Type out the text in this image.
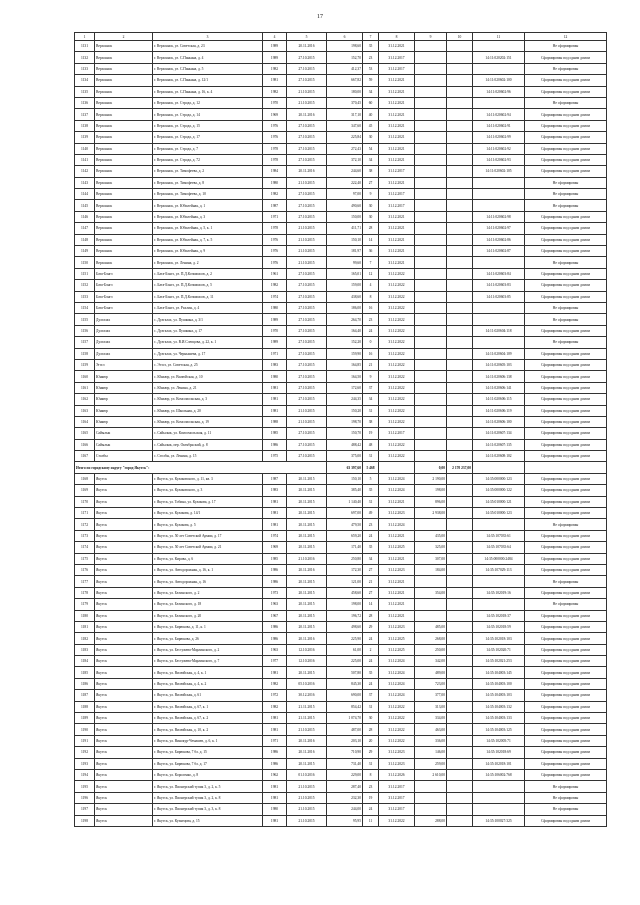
17
1	2	3	4	5	6	7	8	9	10	11	12
1131	Верхоянск	г. Верхоянск, ул. Советская, д. 23	1989	20.11.2016	198,60	35	31.12.2021				Не сформирован
1132	Верхоянск	г. Верхоянск, ул. С.Паньяна, д. 4	1989	27.10.2015	152,70	23	31.12.2017			14:11:020202:151	Сформирован под одним домом
1133	Верхоянск	г. Верхоянск, ул. С.Паньяна, д. 5	1982	27.10.2015	412,37	53	31.12.2017				Не сформирован
1134	Верхоянск	г. Верхоянск, ул. С.Паньяна, д. 12/1	1981	27.10.2015	667,82	59	31.12.2021			14:11:020602:100	Сформирован под одним домом
1135	Верхоянск	г. Верхоянск, ул. С.Паньяна, д. 16, к. 4	1982	21.10.2015	180,00	34	31.12.2021			14:11:020602:96	Сформирован под одним домом
1136	Верхоянск	г. Верхоянск, ул. Строда, д. 12	1970	21.10.2015	370,45	60	31.12.2021				Не сформирован
1137	Верхоянск	г. Верхоянск, ул. Строда, д. 14	1969	20.11.2016	317,10	40	31.12.2021			14:11:020602:94	Сформирован под одним домом
1138	Верхоянск	г. Верхоянск, ул. Строда, д. 15	1976	27.10.2015	347,60	45	31.12.2021			14:11:020602:91	Сформирован под одним домом
1139	Верхоянск	г. Верхоянск, ул. Строда, д. 17	1976	27.10.2015	225,84	30	31.12.2021			14:11:020602:99	Сформирован под одним домом
1140	Верхоянск	г. Верхоянск, ул. Строда, д. 7	1978	27.10.2015	272,43	54	31.12.2021			14:11:020602:92	Сформирован под одним домом
1141	Верхоянск	г. Верхоянск, ул. Строда, д. 72	1978	27.10.2015	372,10	34	31.12.2021			14:11:020602:93	Сформирован под одним домом
1142	Верхоянск	г. Верхоянск, ул. Тимофеева, д. 2	1984	20.11.2016	244,60	38	31.12.2017			14:11:020602:105	Сформирован под одним домом
1143	Верхоянск	г. Верхоянск, ул. Тимофеева, д. 8	1980	21.10.2015	222,40	27	31.12.2021				Не сформирован
1144	Верхоянск	г. Верхоянск, ул. Тимофеева, д. 10	1982	27.10.2015	97,00	9	31.12.2017				Не сформирован
1145	Верхоянск	г. Верхоянск, ул. Юбилейная, д. 1	1987	27.10.2015	490,60	30	31.12.2017				Не сформирован
1146	Верхоянск	г. Верхоянск, ул. Юбилейная, д. 3	1971	27.10.2015	150,00	30	31.12.2021			14:11:020602:98	Сформирован под одним домом
1147	Верхоянск	г. Верхоянск, ул. Юбилейная, д. 5, к. 1	1978	21.10.2015	411,71	28	31.12.2021			14:11:020602:97	Сформирован под одним домом
1148	Верхоянск	г. Верхоянск, ул. Юбилейная, д. 7, к. 5	1976	21.10.2015	150,10	14	31.12.2021			14:11:020602:86	Сформирован под одним домом
1149	Верхоянск	г. Верхоянск, ул. Юбилейная, д. 9	1976	21.10.2015	181,97	36	31.12.2021			14:11:020602:87	Сформирован под одним домом
1150	Верхоянск	г. Верхоянск, ул. Ленина, д. 2	1976	21.10.2015	99,60	7	31.12.2021				Не сформирован
1151	Бата-Бэнгэ	с. Бата-Бэнгэ, ул. П.Д.Кочмамсов, д. 2	1961	27.10.2015	165,01	12	31.12.2022			14:11:020603:84	Сформирован под одним домом
1152	Бата-Бэнгэ	с. Бата-Бэнгэ, ул. П.Д.Кочмамсов, д. 5	1982	27.10.2015	159,00	4	31.12.2022			14:11:020603:83	Сформирован под одним домом
1153	Бата-Бэнгэ	с. Бата-Бэнгэ, ул. П.Д.Кочмамсов, д. 11	1974	27.10.2015	438,60	8	31.12.2022			14:11:020603:85	Сформирован под одним домом
1154	Бата-Бэнгэ	с. Бата-Бэнгэ, ул. Рахлин, д. 4	1980	27.10.2015	186,00	16	31.12.2022				Не сформирован
1155	Дулгалах	с. Дулгалах, ул. Пушкина, д. 3/1	1989	27.10.2015	264,70	23	31.12.2022				Не сформирован
1156	Дулгалах	с. Дулгалах, ул. Пушкина, д. 17	1970	27.10.2015	164,40	24	31.12.2022			14:11:020604:118	Сформирован под одним домом
1157	Дулгалах	с. Дулгалах, ул. В.И.Слепцова, д. 22, к. 1	1989	27.10.2015	152,20	0	31.12.2022				Не сформирован
1158	Дулгалах	с. Дулгалах, ул. Чернышева, д. 17	1971	27.10.2015	159,90	16	31.12.2022			14:11:020604:109	Сформирован под одним домом
1159	Эгэсэ	с. Эгэсэ, ул. Советская, д. 25	1983	27.10.2015	164,85	21	31.12.2022			14:11:020605:103	Сформирован под одним домом
1160	Юнкюр	с. Юнкюр, ул. Вилюйская, д. 10	1980	27.10.2015	164,50	9	31.12.2022			14:11:020606:138	Сформирован под одним домом
1161	Юнкюр	с. Юнкюр, ул. Ленина, д. 21	1981	27.10.2015	172,60	37	31.12.2022			14:11:020606:141	Сформирован под одним домом
1162	Юнкюр	с. Юнкюр, ул. Комсомольская, д. 3	1981	27.10.2015	244,35	34	31.12.2022			14:11:020606:115	Сформирован под одним домом
1163	Юнкюр	с. Юнкюр, ул. Школьная, д. 20	1981	21.10.2015	150,20	31	31.12.2022			14:11:020606:119	Сформирован под одним домом
1164	Юнкюр	с. Юнкюр, ул. Комсомольская, д. 19	1988	21.10.2015	198,70	38	31.12.2022			14:11:020606:100	Сформирован под одним домом
1165	Сайылык	с. Сайылык, ул. Комсомольская, д. 11	1985	27.10.2015	150,70	19	31.12.2017			14:11:020607:134	Сформирован под одним домом
1166	Сайылык	с. Сайылык, пер. Октябрьский, д. 8	1986	27.10.2015	488,42	48	31.12.2022			14:11:020607:135	Сформирован под одним домом
1167	Столбы	с. Столбы, ул. Ленина, д. 15	1975	27.10.2015	375,00	31	31.12.2022			14:11:020608:102	Сформирован под одним домом
Итого по городскому округу "город Якутск":					63 397,60	5 468		0,00	2 170 237,00		
1168	Якутск	г. Якутск, ул. Кулаковского, д. 11, кв. 3	1987	20.11.2015	150,10	5	31.12.2024	2 190,00		14:35:000000:123	Сформирован под одним домом
1169	Якутск	г. Якутск, ул. Кулаковского, д. 3	1983	20.11.2015	385,40	35	31.12.2024	198,00		14:35:000000:122	Сформирован под одним домом
1170	Якутск	г. Якутск, ул. Тобина, ул. Кулакова, д. 17	1981	20.11.2015	1 140,40	31	31.12.2021	896,00		14:35:010000:121	Сформирован под одним домом
1171	Якутск	г. Якутск, ул. Кулакова, д. 14/1	1981	20.11.2015	697,00	49	31.12.2023	2 938,00		14:35:010000:123	Сформирован под одним домом
1172	Якутск	г. Якутск, ул. Кулакова, д. 5	1981	20.11.2015	479,50	23	31.12.2024				Не сформирован
1173	Якутск	г. Якутск, ул. 50 лет Советской Армии, д. 17	1974	20.11.2015	659,20	24	31.12.2021	435,00		14:35:107035:61	Сформирован под одним домом
1174	Якутск	г. Якутск, ул. 50 лет Советской Армии, д. 21	1969	20.11.2015	171,40	35	31.12.2025	325,00		14:35:107035:64	Сформирован под одним домом
1175	Якутск	г. Якутск, ул. Кирова, д. 6	1985	21.10.2016	250,80	34	31.12.2021	307,00		14:35:000000:2484	Сформирован под одним домом
1176	Якутск	г. Якутск, ул. Автодорожная, д. 16, к. 1	1986	20.11.2016	172,30	27	31.12.2023	184,00		14:35:107029:113	Сформирован под одним домом
1177	Якутск	г. Якутск, ул. Автодорожная, д. 16	1986	20.11.2015	121,00	21	31.12.2021				Не сформирован
1178	Якутск	г. Якутск, ул. Белинского, д. 2	1973	20.11.2015	458,60	27	31.12.2021	354,00		14:35:102019:16	Сформирован под одним домом
1179	Якутск	г. Якутск, ул. Белинского, д. 18	1963	20.11.2015	198,00	14	31.12.2021				Не сформирован
1180	Якутск	г. Якутск, ул. Белинского, д. 20	1967	20.11.2015	196,72	28	31.12.2021			14:35:102018:37	Сформирован под одним домом
1181	Якутск	г. Якутск, ул. Бирюкова, д. 11, к. 1	1986	20.11.2015	498,60	29	31.12.2023	485,00		14:35:102018:59	Сформирован под одним домом
1182	Якутск	г. Якутск, ул. Бирюкова, д. 26	1986	20.11.2016	225,90	24	31.12.2025	268,00		14:35:102018:103	Сформирован под одним домом
1183	Якутск	г. Якутск, ул. Бестужева-Марлинского, д. 2	1963	12.10.2016	61,00	2	31.12.2025	250,00		14:35:102020:71	Сформирован под одним домом
1184	Якутск	г. Якутск, ул. Бестужева-Марлинского, д. 7	1977	12.10.2016	225,00	24	31.12.2024	342,00		14:35:102021:253	Сформирован под одним домом
1185	Якутск	г. Якутск, ул. Вилюйская, д. 4, к. 1	1981	20.11.2015	507,80	35	31.12.2024	489,00		14:35:104003:145	Сформирован под одним домом
1186	Якутск	г. Якутск, ул. Вилюйская, д. 4, к. 2	1982	05.10.2016	845,30	24	31.12.2024	723,00		14:35:104003:100	Сформирован под одним домом
1187	Якутск	г. Якутск, ул. Вилюйская, д. 61	1972	30.12.2016	690,00	37	31.12.2024	377,00		14:35:104003:103	Сформирован под одним домом
1188	Якутск	г. Якутск, ул. Вилюйская, д. 67, к. 1	1982	21.11.2015	854,42	31	31.12.2022	313,00		14:35:104003:132	Сформирован под одним домом
1189	Якутск	г. Якутск, ул. Вилюйская, д. 67, к. 2	1981	21.11.2015	1 074,70	30	31.12.2022	334,00		14:35:104003:133	Сформирован под одним домом
1190	Якутск	г. Якутск, ул. Вилюйская, д. 10, к. 2	1981	21.10.2015	487,00	28	31.12.2022	463,00		14:35:104003:125	Сформирован под одним домом
1191	Якутск	г. Якутск, ул. Винокур-Чемашев, д. 6, к. 1	1971	20.11.2016	203,10	20	31.12.2022	336,00		14:35:102005:71	Сформирован под одним домом
1192	Якутск	г. Якутск, ул. Бирюкова, 7 бл. д. 15	1986	20.11.2016	710,90	29	31.12.2023	146,00		14:35:102018:69	Сформирован под одним домом
1193	Якутск	г. Якутск, ул. Бирюкова, 7 бл. д. 17	1986	20.11.2015	731,40	31	31.12.2023	259,00		14:35:102018:101	Сформирован под одним домом
1194	Якутск	г. Якутск, ул. Короленко, д. 8	1962	01.10.2016	229,00	8	31.12.2026	2 610,00		14:35:106002:768	Сформирован под одним домом
1195	Якутск	г. Якутск, ул. Пионерский тупик 3, д. 2, к. 5	1981	21.10.2015	287,40	23	31.12.2017				Не сформирован
1196	Якутск	г. Якутск, ул. Пионерский тупик 3, д. 2, к. 8	1981	21.10.2015	232,30	19	31.12.2017				Не сформирован
1197	Якутск	г. Якутск, ул. Пионерский тупик 3, д. 3, к. 8	1980	21.10.2015	244,00	24	31.12.2017				Не сформирован
1198	Якутск	г. Якутск, ул. Кузнецова, д. 15	1981	21.10.2015	95,95	11	31.12.2022	288,00		14:35:100027:325	Сформирован под одним домом
